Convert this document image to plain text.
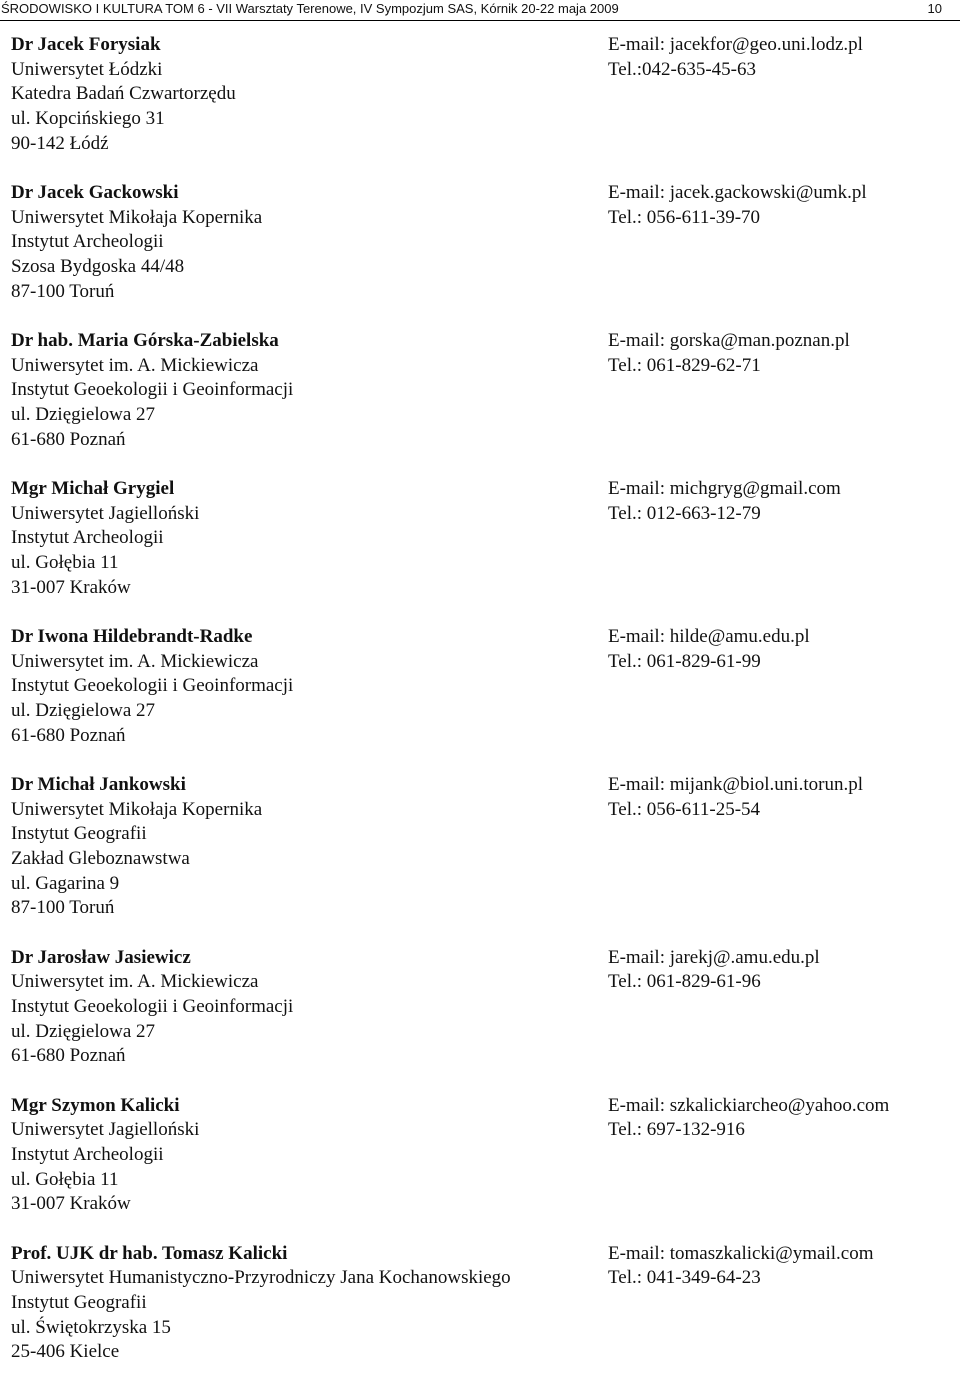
ŚRODOWISKO I KULTURA TOM 6 - VII Warsztaty Terenowe, IV Sympozjum SAS, Kórnik 20-22 maja 2009	10
Dr Jacek Forysiak
Uniwersytet Łódzki
Katedra Badań Czwartorzędu
ul. Kopcińskiego 31
90-142 Łódź
E-mail: jacekfor@geo.uni.lodz.pl
Tel.:042-635-45-63
Dr Jacek Gackowski
Uniwersytet Mikołaja Kopernika
Instytut Archeologii
Szosa Bydgoska 44/48
87-100 Toruń
E-mail: jacek.gackowski@umk.pl
Tel.: 056-611-39-70
Dr hab. Maria Górska-Zabielska
Uniwersytet im. A. Mickiewicza
Instytut Geoekologii i Geoinformacji
ul. Dzięgielowa 27
61-680 Poznań
E-mail: gorska@man.poznan.pl
Tel.: 061-829-62-71
Mgr Michał Grygiel
Uniwersytet Jagielloński
Instytut Archeologii
ul. Gołębia 11
31-007 Kraków
E-mail: michgryg@gmail.com
Tel.: 012-663-12-79
Dr Iwona Hildebrandt-Radke
Uniwersytet im. A. Mickiewicza
Instytut Geoekologii i Geoinformacji
ul. Dzięgielowa 27
61-680 Poznań
E-mail: hilde@amu.edu.pl
Tel.: 061-829-61-99
Dr Michał Jankowski
Uniwersytet Mikołaja Kopernika
Instytut Geografii
Zakład Gleboznawstwa
ul. Gagarina 9
87-100 Toruń
E-mail: mijank@biol.uni.torun.pl
Tel.: 056-611-25-54
Dr Jarosław Jasiewicz
Uniwersytet im. A. Mickiewicza
Instytut Geoekologii i Geoinformacji
ul. Dzięgielowa 27
61-680 Poznań
E-mail: jarekj@.amu.edu.pl
Tel.: 061-829-61-96
Mgr Szymon Kalicki
Uniwersytet Jagielloński
Instytut Archeologii
ul. Gołębia 11
31-007 Kraków
E-mail: szkalickiarcheo@yahoo.com
Tel.: 697-132-916
Prof. UJK dr hab. Tomasz Kalicki
Uniwersytet Humanistyczno-Przyrodniczy Jana Kochanowskiego
Instytut Geografii
ul. Świętokrzyska 15
25-406 Kielce
E-mail: tomaszkalicki@ymail.com
Tel.: 041-349-64-23
